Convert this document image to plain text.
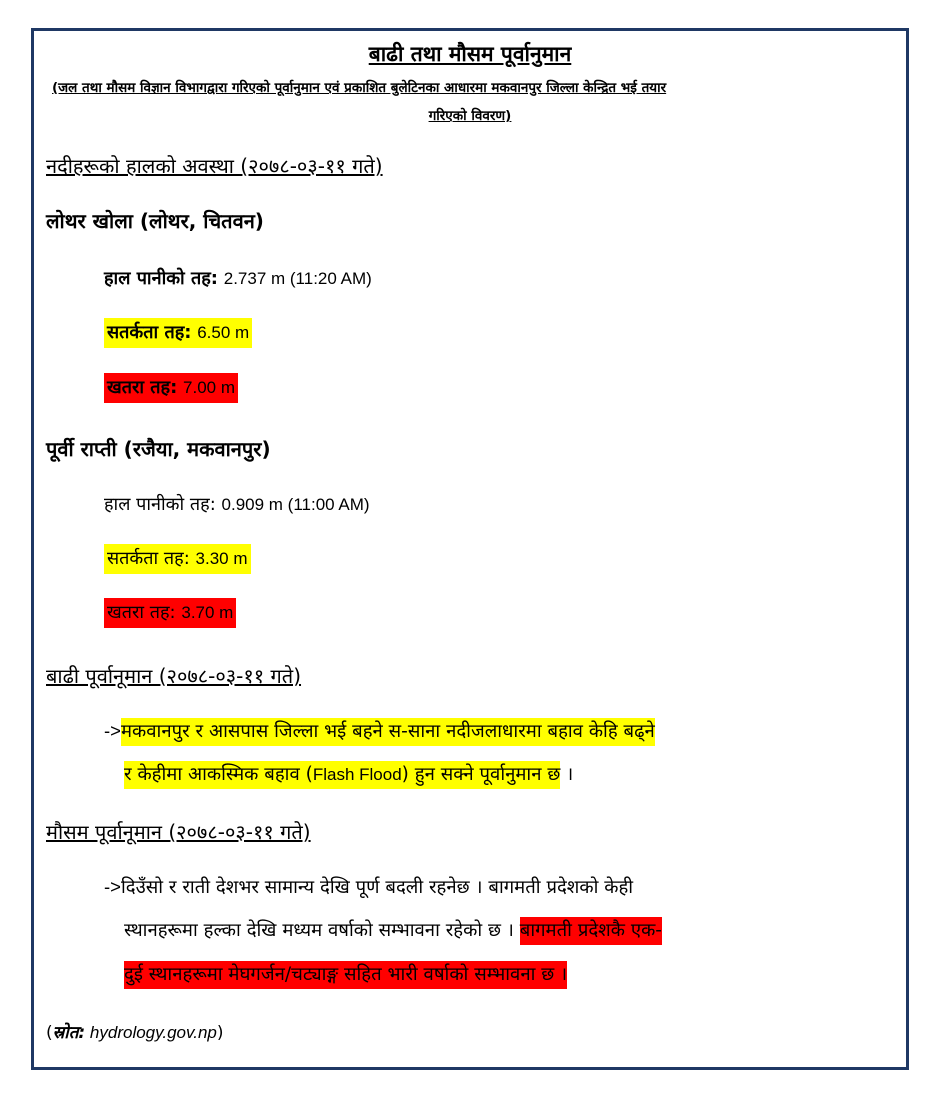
बाढी तथा मौसम पूर्वानुमान
(जल तथा मौसम विज्ञान विभागद्वारा गरिएको पूर्वानुमान एवं प्रकाशित बुलेटिनका आधारमा मकवानपुर जिल्ला केन्द्रित भई तयार
गरिएको विवरण)
नदीहरूको हालको अवस्था (२०७८-०३-११ गते)
लोथर खोला (लोथर, चितवन)
हाल पानीको तह: 2.737 m (11:20 AM)
सतर्कता तह: 6.50 m
खतरा तह: 7.00 m
पूर्वी राप्ती (रजैया, मकवानपुर)
हाल पानीको तह: 0.909 m (11:00 AM)
सतर्कता तह: 3.30 m
खतरा तह: 3.70 m
बाढी पूर्वानूमान (२०७८-०३-११ गते)
->मकवानपुर र आसपास जिल्ला भई बहने स-साना नदीजलाधारमा बहाव केहि बढ्ने
र केहीमा आकस्मिक बहाव (Flash Flood) हुन सक्ने पूर्वानुमान छ ।
मौसम पूर्वानूमान (२०७८-०३-११ गते)
->दिउँसो र राती देशभर सामान्य देखि पूर्ण बदली रहनेछ । बागमती प्रदेशको केही
स्थानहरूमा हल्का देखि मध्यम वर्षाको सम्भावना रहेको छ । बागमती प्रदेशकै एक-
दुई स्थानहरूमा मेघगर्जन/चट्याङ्ग सहित भारी वर्षाको सम्भावना छ ।
(स्रोत: hydrology.gov.np)
